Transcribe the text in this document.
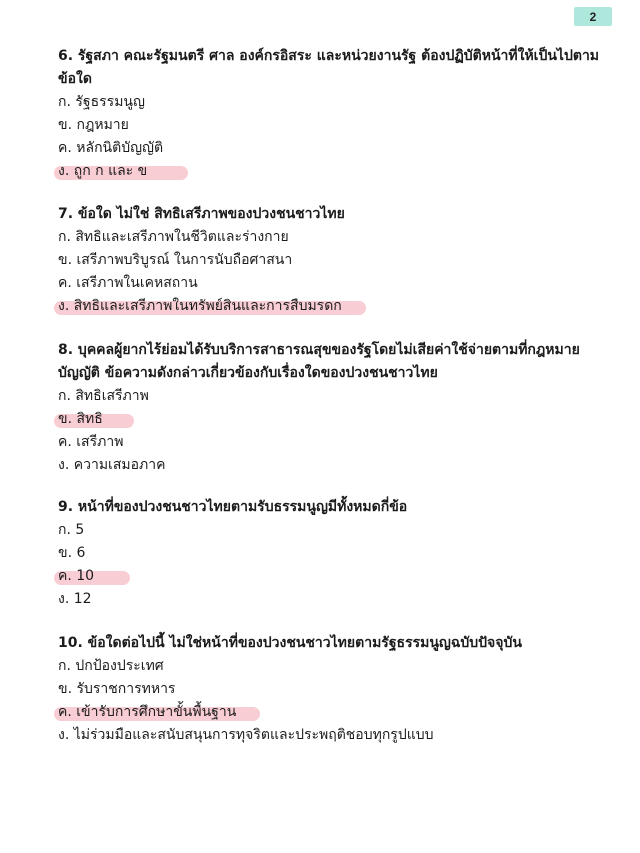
2
6. รัฐสภา คณะรัฐมนตรี ศาล องค์กรอิสระ และหน่วยงานรัฐ ต้องปฏิบัติหน้าที่ให้เป็นไปตามข้อใด
ก. รัฐธรรมนูญ
ข. กฎหมาย
ค. หลักนิติบัญญัติ
ง. ถูก ก และ ข
7. ข้อใด ไม่ใช่ สิทธิเสรีภาพของปวงชนชาวไทย
ก. สิทธิและเสรีภาพในชีวิตและร่างกาย
ข. เสรีภาพบริบูรณ์ ในการนับถือศาสนา
ค. เสรีภาพในเคหสถาน
ง. สิทธิและเสรีภาพในทรัพย์สินและการสืบมรดก
8. บุคคลผู้ยากไร้ย่อมได้รับบริการสาธารณสุขของรัฐโดยไม่เสียค่าใช้จ่ายตามที่กฎหมายบัญญัติ ข้อความดังกล่าวเกี่ยวข้องกับเรื่องใดของปวงชนชาวไทย
ก. สิทธิเสรีภาพ
ข. สิทธิ
ค. เสรีภาพ
ง. ความเสมอภาค
9. หน้าที่ของปวงชนชาวไทยตามรับธรรมนูญมีทั้งหมดกี่ข้อ
ก. 5
ข. 6
ค. 10
ง. 12
10. ข้อใดต่อไปนี้ ไม่ใช่หน้าที่ของปวงชนชาวไทยตามรัฐธรรมนูญฉบับปัจจุบัน
ก. ปกป้องประเทศ
ข. รับราชการทหาร
ค. เข้ารับการศึกษาขั้นพื้นฐาน
ง. ไม่ร่วมมือและสนับสนุนการทุจริตและประพฤติชอบทุกรูปแบบ
